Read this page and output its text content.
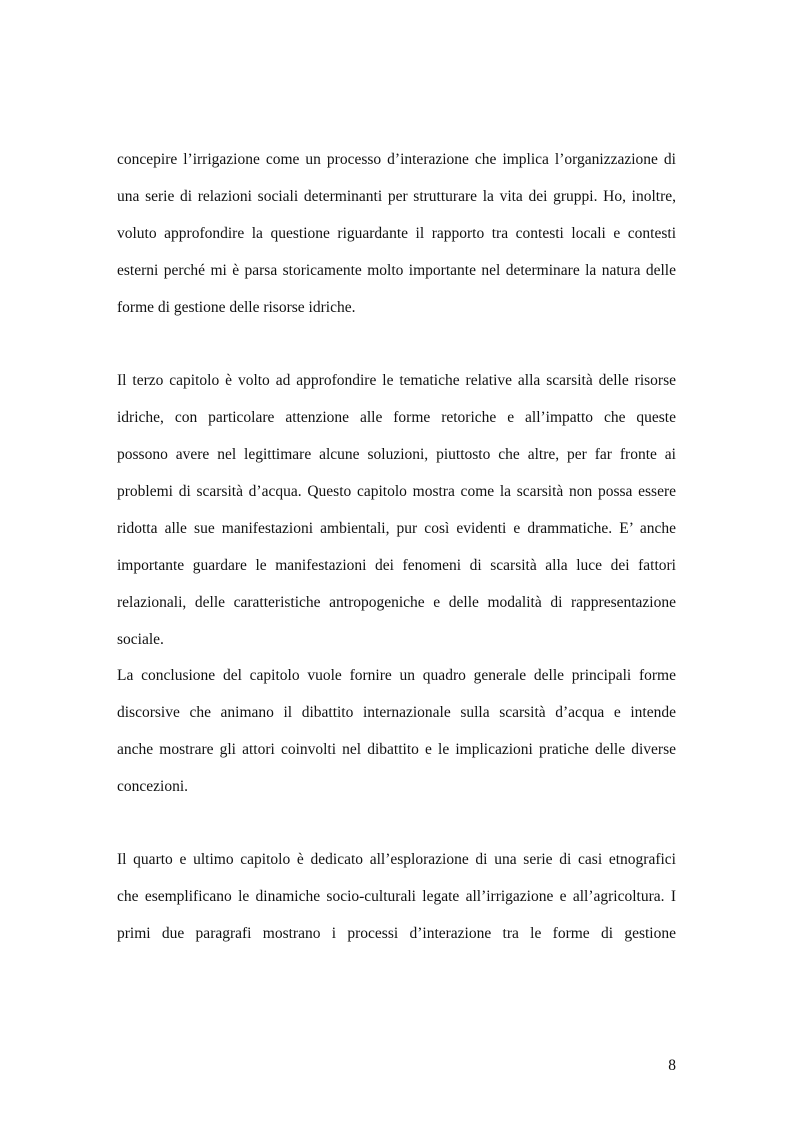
concepire l’irrigazione come un processo d’interazione che implica l’organizzazione di
una serie di relazioni sociali determinanti per strutturare la vita dei gruppi. Ho, inoltre,
voluto approfondire la questione riguardante il rapporto tra contesti locali e contesti
esterni perché mi è parsa storicamente molto importante nel determinare la natura delle
forme di gestione delle risorse idriche.
Il terzo capitolo è volto ad approfondire le tematiche relative alla scarsità delle risorse
idriche, con particolare attenzione alle forme retoriche e all’impatto che queste
possono avere nel legittimare alcune soluzioni, piuttosto che altre, per far fronte ai
problemi di scarsità d’acqua. Questo capitolo mostra come la scarsità non possa essere
ridotta alle sue manifestazioni ambientali, pur così evidenti e drammatiche. E’ anche
importante guardare le manifestazioni dei fenomeni di scarsità alla luce dei fattori
relazionali, delle caratteristiche antropogeniche e delle modalità di rappresentazione
sociale.
La conclusione del capitolo vuole fornire un quadro generale delle principali forme
discorsive che animano il dibattito internazionale sulla scarsità d’acqua e intende
anche mostrare gli attori coinvolti nel dibattito e le implicazioni pratiche delle diverse
concezioni.
Il quarto e ultimo capitolo è dedicato all’esplorazione di una serie di casi etnografici
che esemplificano le dinamiche socio-culturali legate all’irrigazione e all’agricoltura. I
primi due paragrafi mostrano i processi d’interazione tra le forme di gestione
8
